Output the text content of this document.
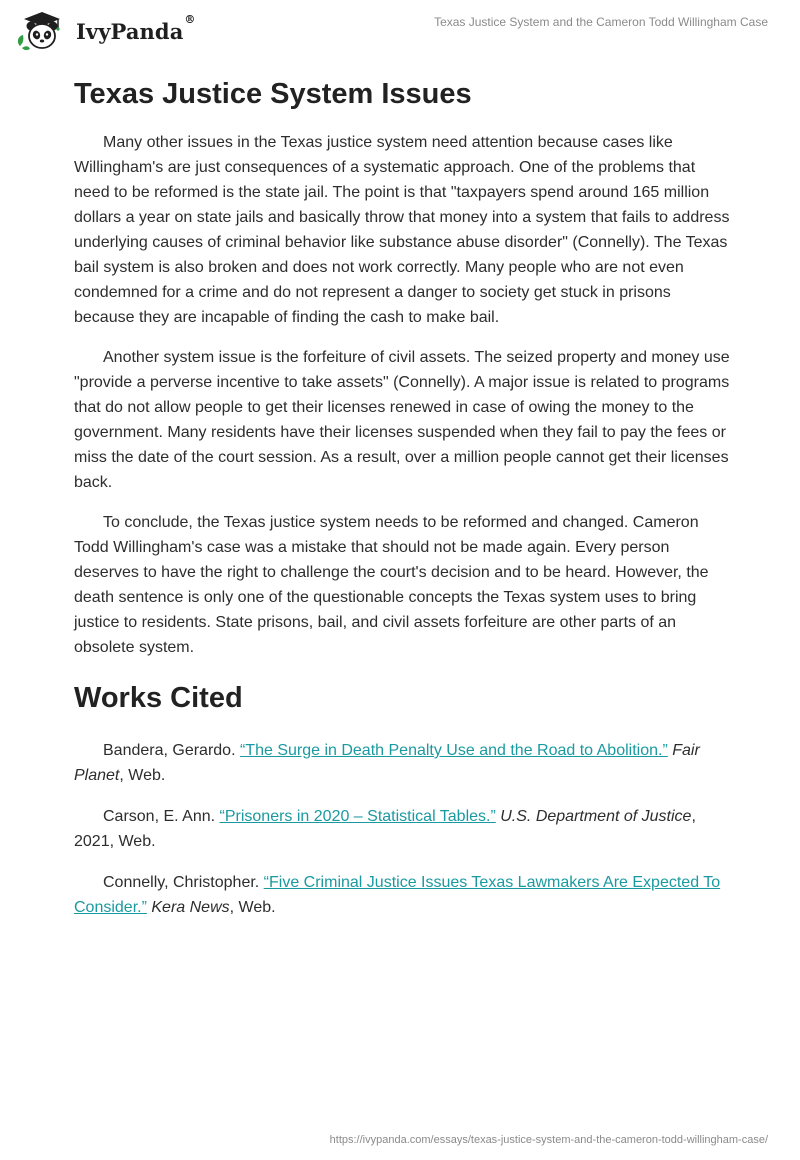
IvyPanda®	Texas Justice System and the Cameron Todd Willingham Case
Texas Justice System Issues

Many other issues in the Texas justice system need attention because cases like Willingham's are just consequences of a systematic approach. One of the problems that need to be reformed is the state jail. The point is that "taxpayers spend around 165 million dollars a year on state jails and basically throw that money into a system that fails to address underlying causes of criminal behavior like substance abuse disorder" (Connelly). The Texas bail system is also broken and does not work correctly. Many people who are not even condemned for a crime and do not represent a danger to society get stuck in prisons because they are incapable of finding the cash to make bail.

Another system issue is the forfeiture of civil assets. The seized property and money use "provide a perverse incentive to take assets" (Connelly). A major issue is related to programs that do not allow people to get their licenses renewed in case of owing the money to the government. Many residents have their licenses suspended when they fail to pay the fees or miss the date of the court session. As a result, over a million people cannot get their licenses back.

To conclude, the Texas justice system needs to be reformed and changed. Cameron Todd Willingham's case was a mistake that should not be made again. Every person deserves to have the right to challenge the court's decision and to be heard. However, the death sentence is only one of the questionable concepts the Texas system uses to bring justice to residents. State prisons, bail, and civil assets forfeiture are other parts of an obsolete system.

Works Cited

Bandera, Gerardo. “The Surge in Death Penalty Use and the Road to Abolition.” Fair Planet, Web.

Carson, E. Ann. “Prisoners in 2020 – Statistical Tables.” U.S. Department of Justice, 2021, Web.

Connelly, Christopher. “Five Criminal Justice Issues Texas Lawmakers Are Expected To Consider.” Kera News, Web.

https://ivypanda.com/essays/texas-justice-system-and-the-cameron-todd-willingham-case/
